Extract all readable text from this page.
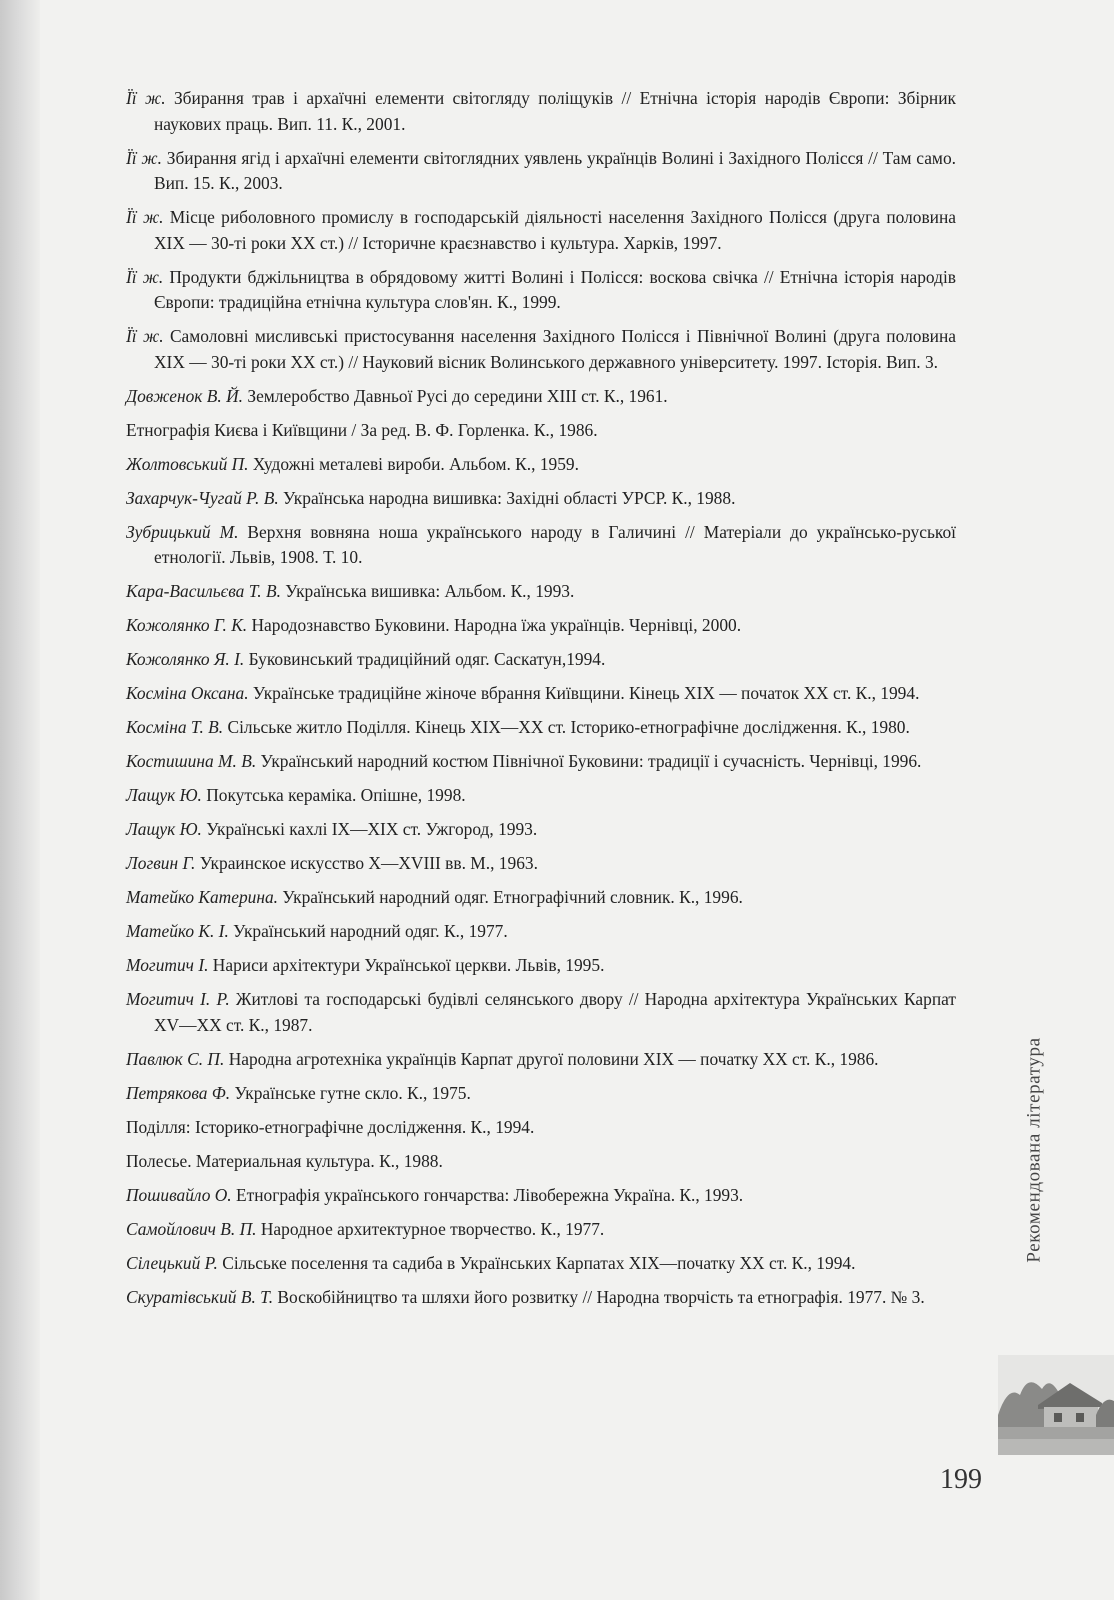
Її ж. Збирання трав і архаїчні елементи світогляду поліщуків // Етнічна історія народів Європи: Збірник наукових праць. Вип. 11. К., 2001.
Її ж. Збирання ягід і архаїчні елементи світоглядних уявлень українців Волині і Західного Полісся // Там само. Вип. 15. К., 2003.
Її ж. Місце риболовного промислу в господарській діяльності населення Західного Полісся (друга половина XIX — 30-ті роки XX ст.) // Історичне краєзнавство і культура. Харків, 1997.
Її ж. Продукти бджільництва в обрядовому житті Волині і Полісся: воскова свічка // Етнічна історія народів Європи: традиційна етнічна культура слов'ян. К., 1999.
Її ж. Самоловні мисливські пристосування населення Західного Полісся і Північної Волині (друга половина XIX — 30-ті роки XX ст.) // Науковий вісник Волинського державного університету. 1997. Історія. Вип. 3.
Довженок В. Й. Землеробство Давньої Русі до середини XIII ст. К., 1961.
Етнографія Києва і Київщини / За ред. В. Ф. Горленка. К., 1986.
Жолтовський П. Художні металеві вироби. Альбом. К., 1959.
Захарчук-Чугай Р. В. Українська народна вишивка: Західні області УРСР. К., 1988.
Зубрицький М. Верхня вовняна ноша українського народу в Галичині // Матеріали до українсько-руської етнології. Львів, 1908. Т. 10.
Кара-Васильєва Т. В. Українська вишивка: Альбом. К., 1993.
Кожолянко Г. К. Народознавство Буковини. Народна їжа українців. Чернівці, 2000.
Кожолянко Я. І. Буковинський традиційний одяг. Саскатун,1994.
Космiна Оксана. Українське традиційне жіноче вбрання Київщини. Кінець XIX — початок XX ст. К., 1994.
Космiна Т. В. Сільське житло Поділля. Кінець XIX—XX ст. Історико-етнографічне дослідження. К., 1980.
Костишина М. В. Український народний костюм Північної Буковини: традиції і сучасність. Чернівці, 1996.
Лащук Ю. Покутська кераміка. Опішне, 1998.
Лащук Ю. Українські кахлі IX—XIX ст. Ужгород, 1993.
Логвин Г. Украинское искусство X—XVIII вв. М., 1963.
Матейко Катерина. Український народний одяг. Етнографічний словник. К., 1996.
Матейко К. І. Український народний одяг. К., 1977.
Могитич І. Нариси архітектури Української церкви. Львів, 1995.
Могитич І. Р. Житлові та господарські будівлі селянського двору // Народна архітектура Українських Карпат XV—XX ст. К., 1987.
Павлюк С. П. Народна агротехніка українців Карпат другої половини XIX — початку XX ст. К., 1986.
Петрякова Ф. Українське гутне скло. К., 1975.
Поділля: Історико-етнографічне дослідження. К., 1994.
Полесье. Материальная культура. К., 1988.
Пошивайло О. Етнографія українського гончарства: Лівобережна Україна. К., 1993.
Самойлович В. П. Народное архитектурное творчество. К., 1977.
Сілецький Р. Сільське поселення та садиба в Українських Карпатах XIX—початку XX ст. К., 1994.
Скуратівський В. Т. Воскобійництво та шляхи його розвитку // Народна творчість та етнографія. 1977. № 3.
Рекомендована література
199
